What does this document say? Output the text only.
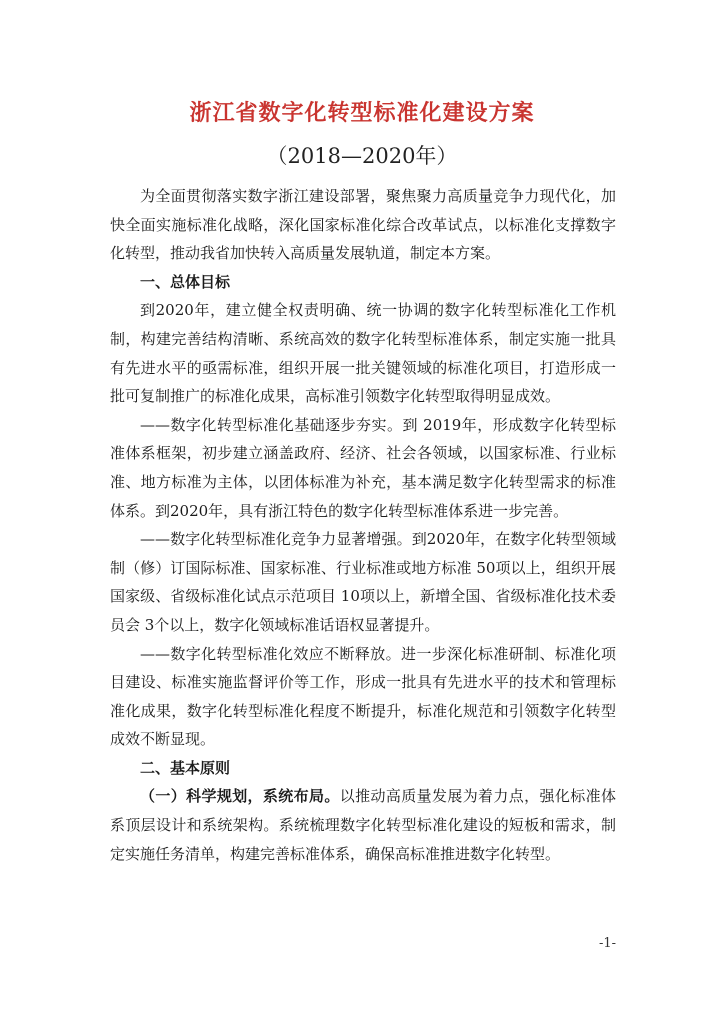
浙江省数字化转型标准化建设方案
（2018—2020年）

为全面贯彻落实数字浙江建设部署，聚焦聚力高质量竞争力现代化，加快全面实施标准化战略，深化国家标准化综合改革试点，以标准化支撑数字化转型，推动我省加快转入高质量发展轨道，制定本方案。

一、总体目标

到2020年，建立健全权责明确、统一协调的数字化转型标准化工作机制，构建完善结构清晰、系统高效的数字化转型标准体系，制定实施一批具有先进水平的亟需标准，组织开展一批关键领域的标准化项目，打造形成一批可复制推广的标准化成果，高标准引领数字化转型取得明显成效。

——数字化转型标准化基础逐步夯实。到 2019年，形成数字化转型标准体系框架，初步建立涵盖政府、经济、社会各领域，以国家标准、行业标准、地方标准为主体，以团体标准为补充，基本满足数字化转型需求的标准体系。到2020年，具有浙江特色的数字化转型标准体系进一步完善。

——数字化转型标准化竞争力显著增强。到2020年，在数字化转型领域制（修）订国际标准、国家标准、行业标准或地方标准 50项以上，组织开展国家级、省级标准化试点示范项目 10项以上，新增全国、省级标准化技术委员会 3个以上，数字化领域标准话语权显著提升。

——数字化转型标准化效应不断释放。进一步深化标准研制、标准化项目建设、标准实施监督评价等工作，形成一批具有先进水平的技术和管理标准化成果，数字化转型标准化程度不断提升，标准化规范和引领数字化转型成效不断显现。

二、基本原则

（一）科学规划，系统布局。以推动高质量发展为着力点，强化标准体系顶层设计和系统架构。系统梳理数字化转型标准化建设的短板和需求，制定实施任务清单，构建完善标准体系，确保高标准推进数字化转型。

-1-
